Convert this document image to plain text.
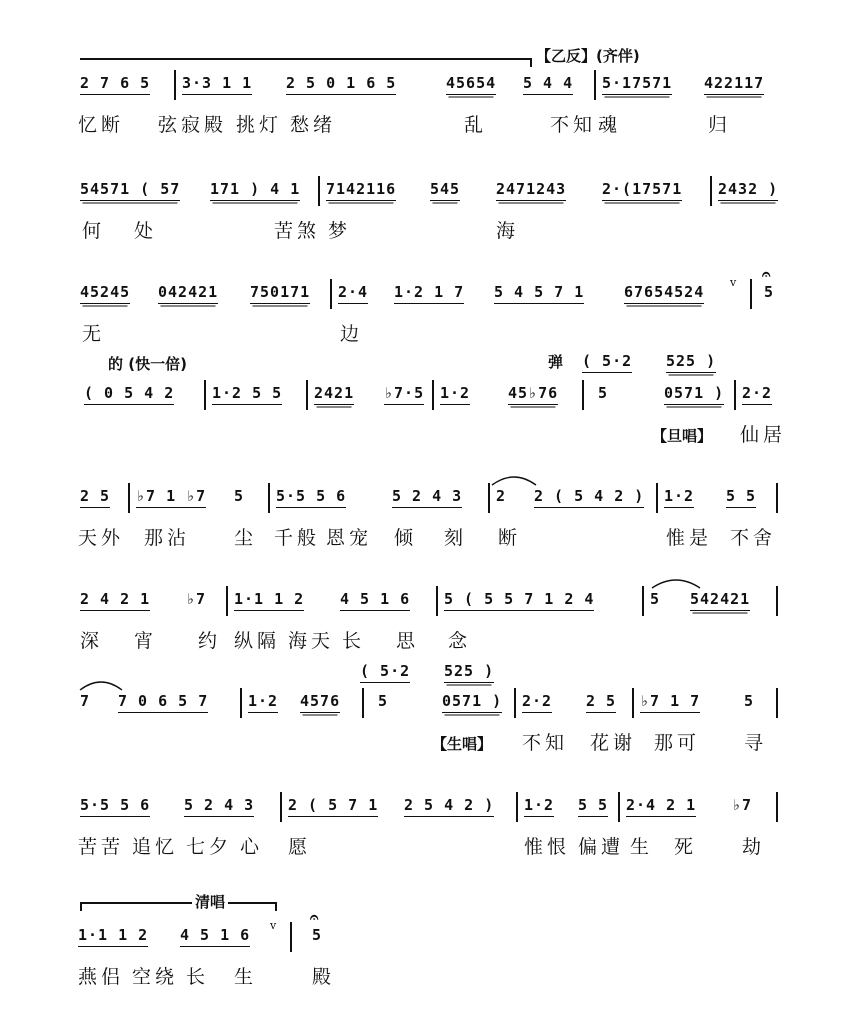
【乙反】(齐伴)
2 7 6 5 3·3 1 1 2 5 0 1 6 5	45654 5 4 4 5·17571 422117
忆断 弦寂殿 挑灯 愁绪	乱	不知 魂	归
54571 ( 57 171 ) 4 1 7142116 545 2471243 2·(17571 2432 )
何 处	苦煞 梦	海
45245 042421 750171 2·4 1·2 1 7 5 4 5 7 1	67654524
v 𝄐
5
无	边
的 (快一倍)	弹 ( 5·2 525 )
( 0 5 4 2	1·2 5 5 2421 ♭7·5 1·2	45♭76	5	0571 ) 2·2
【旦唱】 仙居
2 5 ♭7 1 ♭7 5 5·5 5 6	5 2 4 3 2 2 ( 5 4 2 ) 1·2 5 5
天外 那沾 尘 千般 恩宠 倾 刻 断	惟是 不舍
2 4 2 1 ♭7 1·1 1 2 4 5 1 6 5 ( 5 5 7 1 2 4	5 542421
深 宵 约 纵隔 海天 长 思 念
( 5·2 525 )
7 7 0 6 5 7	1·2 4576	5	0571 ) 2·2 2 5 ♭7 1 7	5
【生唱】 不知 花谢 那可 寻
5·5 5 6 5 2 4 3 2 ( 5 7 1 2 5 4 2 ) 1·2 5 5 2·4 2 1 ♭7
苦苦 追忆 七夕 心 愿	惟恨 偏遭 生 死 劫
清唱
1·1 1 2 4 5 1 6
v 𝄐
5
燕侣 空绕 长 生	殿
